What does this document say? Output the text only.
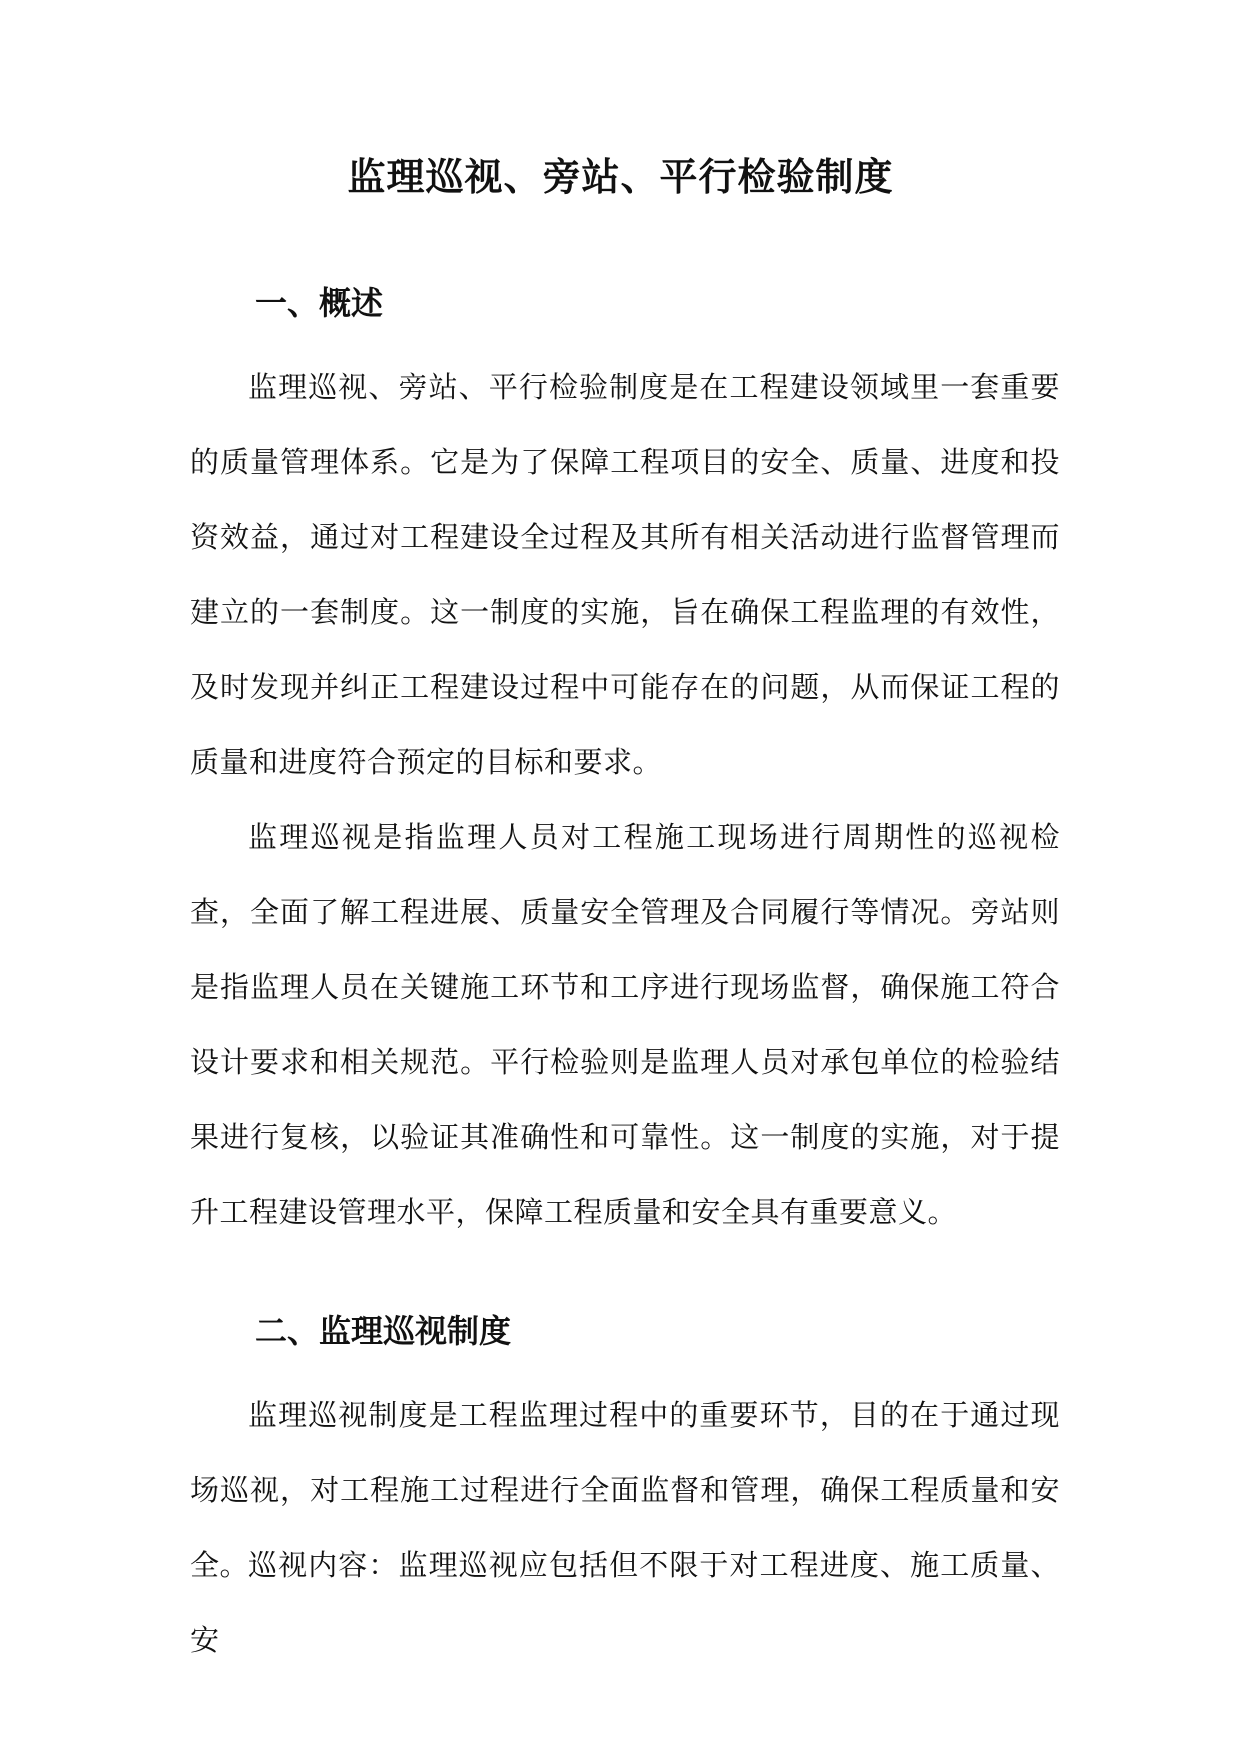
监理巡视、旁站、平行检验制度
一、概述

监理巡视、旁站、平行检验制度是在工程建设领域里一套重要的质量管理体系。它是为了保障工程项目的安全、质量、进度和投资效益，通过对工程建设全过程及其所有相关活动进行监督管理而建立的一套制度。这一制度的实施，旨在确保工程监理的有效性，及时发现并纠正工程建设过程中可能存在的问题，从而保证工程的质量和进度符合预定的目标和要求。

监理巡视是指监理人员对工程施工现场进行周期性的巡视检查，全面了解工程进展、质量安全管理及合同履行等情况。旁站则是指监理人员在关键施工环节和工序进行现场监督，确保施工符合设计要求和相关规范。平行检验则是监理人员对承包单位的检验结果进行复核，以验证其准确性和可靠性。这一制度的实施，对于提升工程建设管理水平，保障工程质量和安全具有重要意义。

二、监理巡视制度

监理巡视制度是工程监理过程中的重要环节，目的在于通过现场巡视，对工程施工过程进行全面监督和管理，确保工程质量和安全。

巡视内容：监理巡视应包括但不限于对工程进度、施工质量、安
